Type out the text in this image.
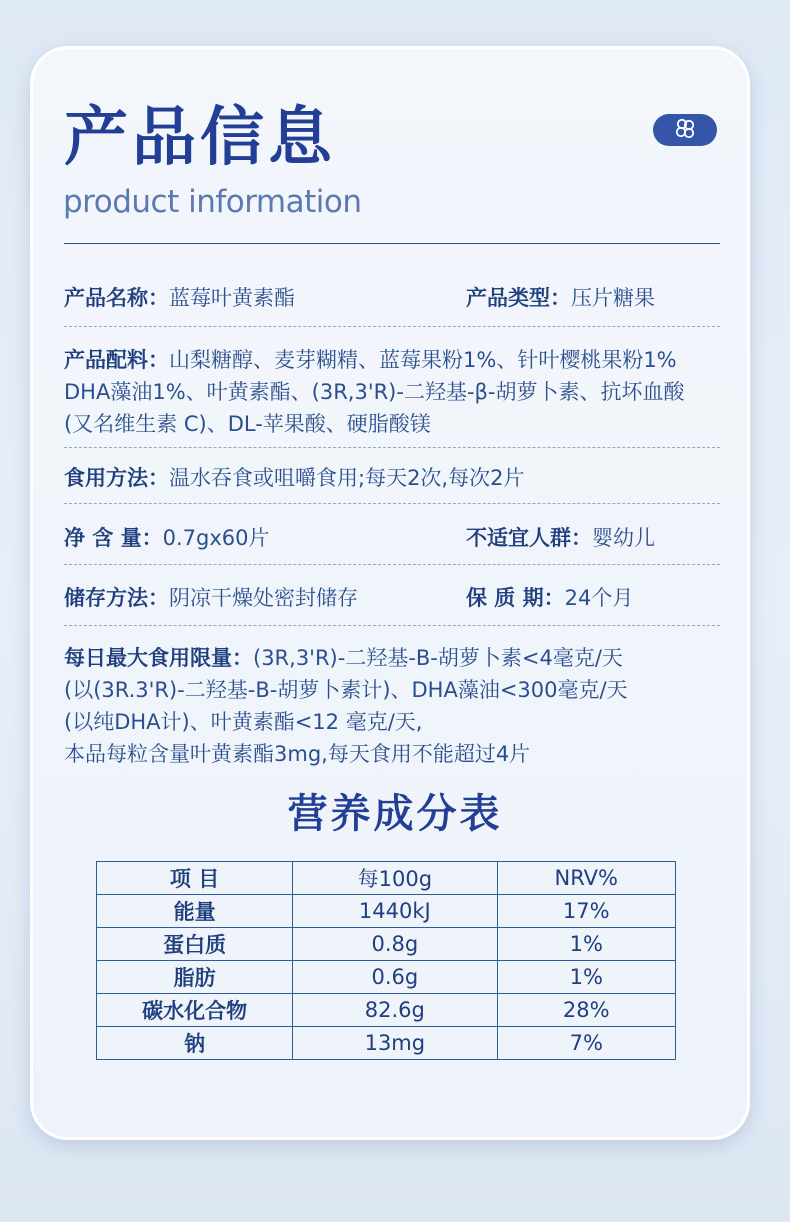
产品信息
product information
产品名称：蓝莓叶黄素酯	产品类型：压片糖果
产品配料：山梨糖醇、麦芽糊精、蓝莓果粉1%、针叶樱桃果粉1%
DHA藻油1%、叶黄素酯、(3R,3'R)-二羟基-β-胡萝卜素、抗坏血酸
(又名维生素 C)、DL-苹果酸、硬脂酸镁
食用方法：温水吞食或咀嚼食用;每天2次,每次2片
净 含 量：0.7gx60片	不适宜人群：婴幼儿
储存方法：阴凉干燥处密封储存	保 质 期：24个月
每日最大食用限量：(3R,3'R)-二羟基-B-胡萝卜素<4毫克/天
(以(3R.3'R)-二羟基-B-胡萝卜素计)、DHA藻油<300毫克/天
(以纯DHA计)、叶黄素酯<12 毫克/天,
本品每粒含量叶黄素酯3mg,每天食用不能超过4片
营养成分表
项 目	每100g	NRV%
能量	1440kJ	17%
蛋白质	0.8g	1%
脂肪	0.6g	1%
碳水化合物	82.6g	28%
钠	13mg	7%
